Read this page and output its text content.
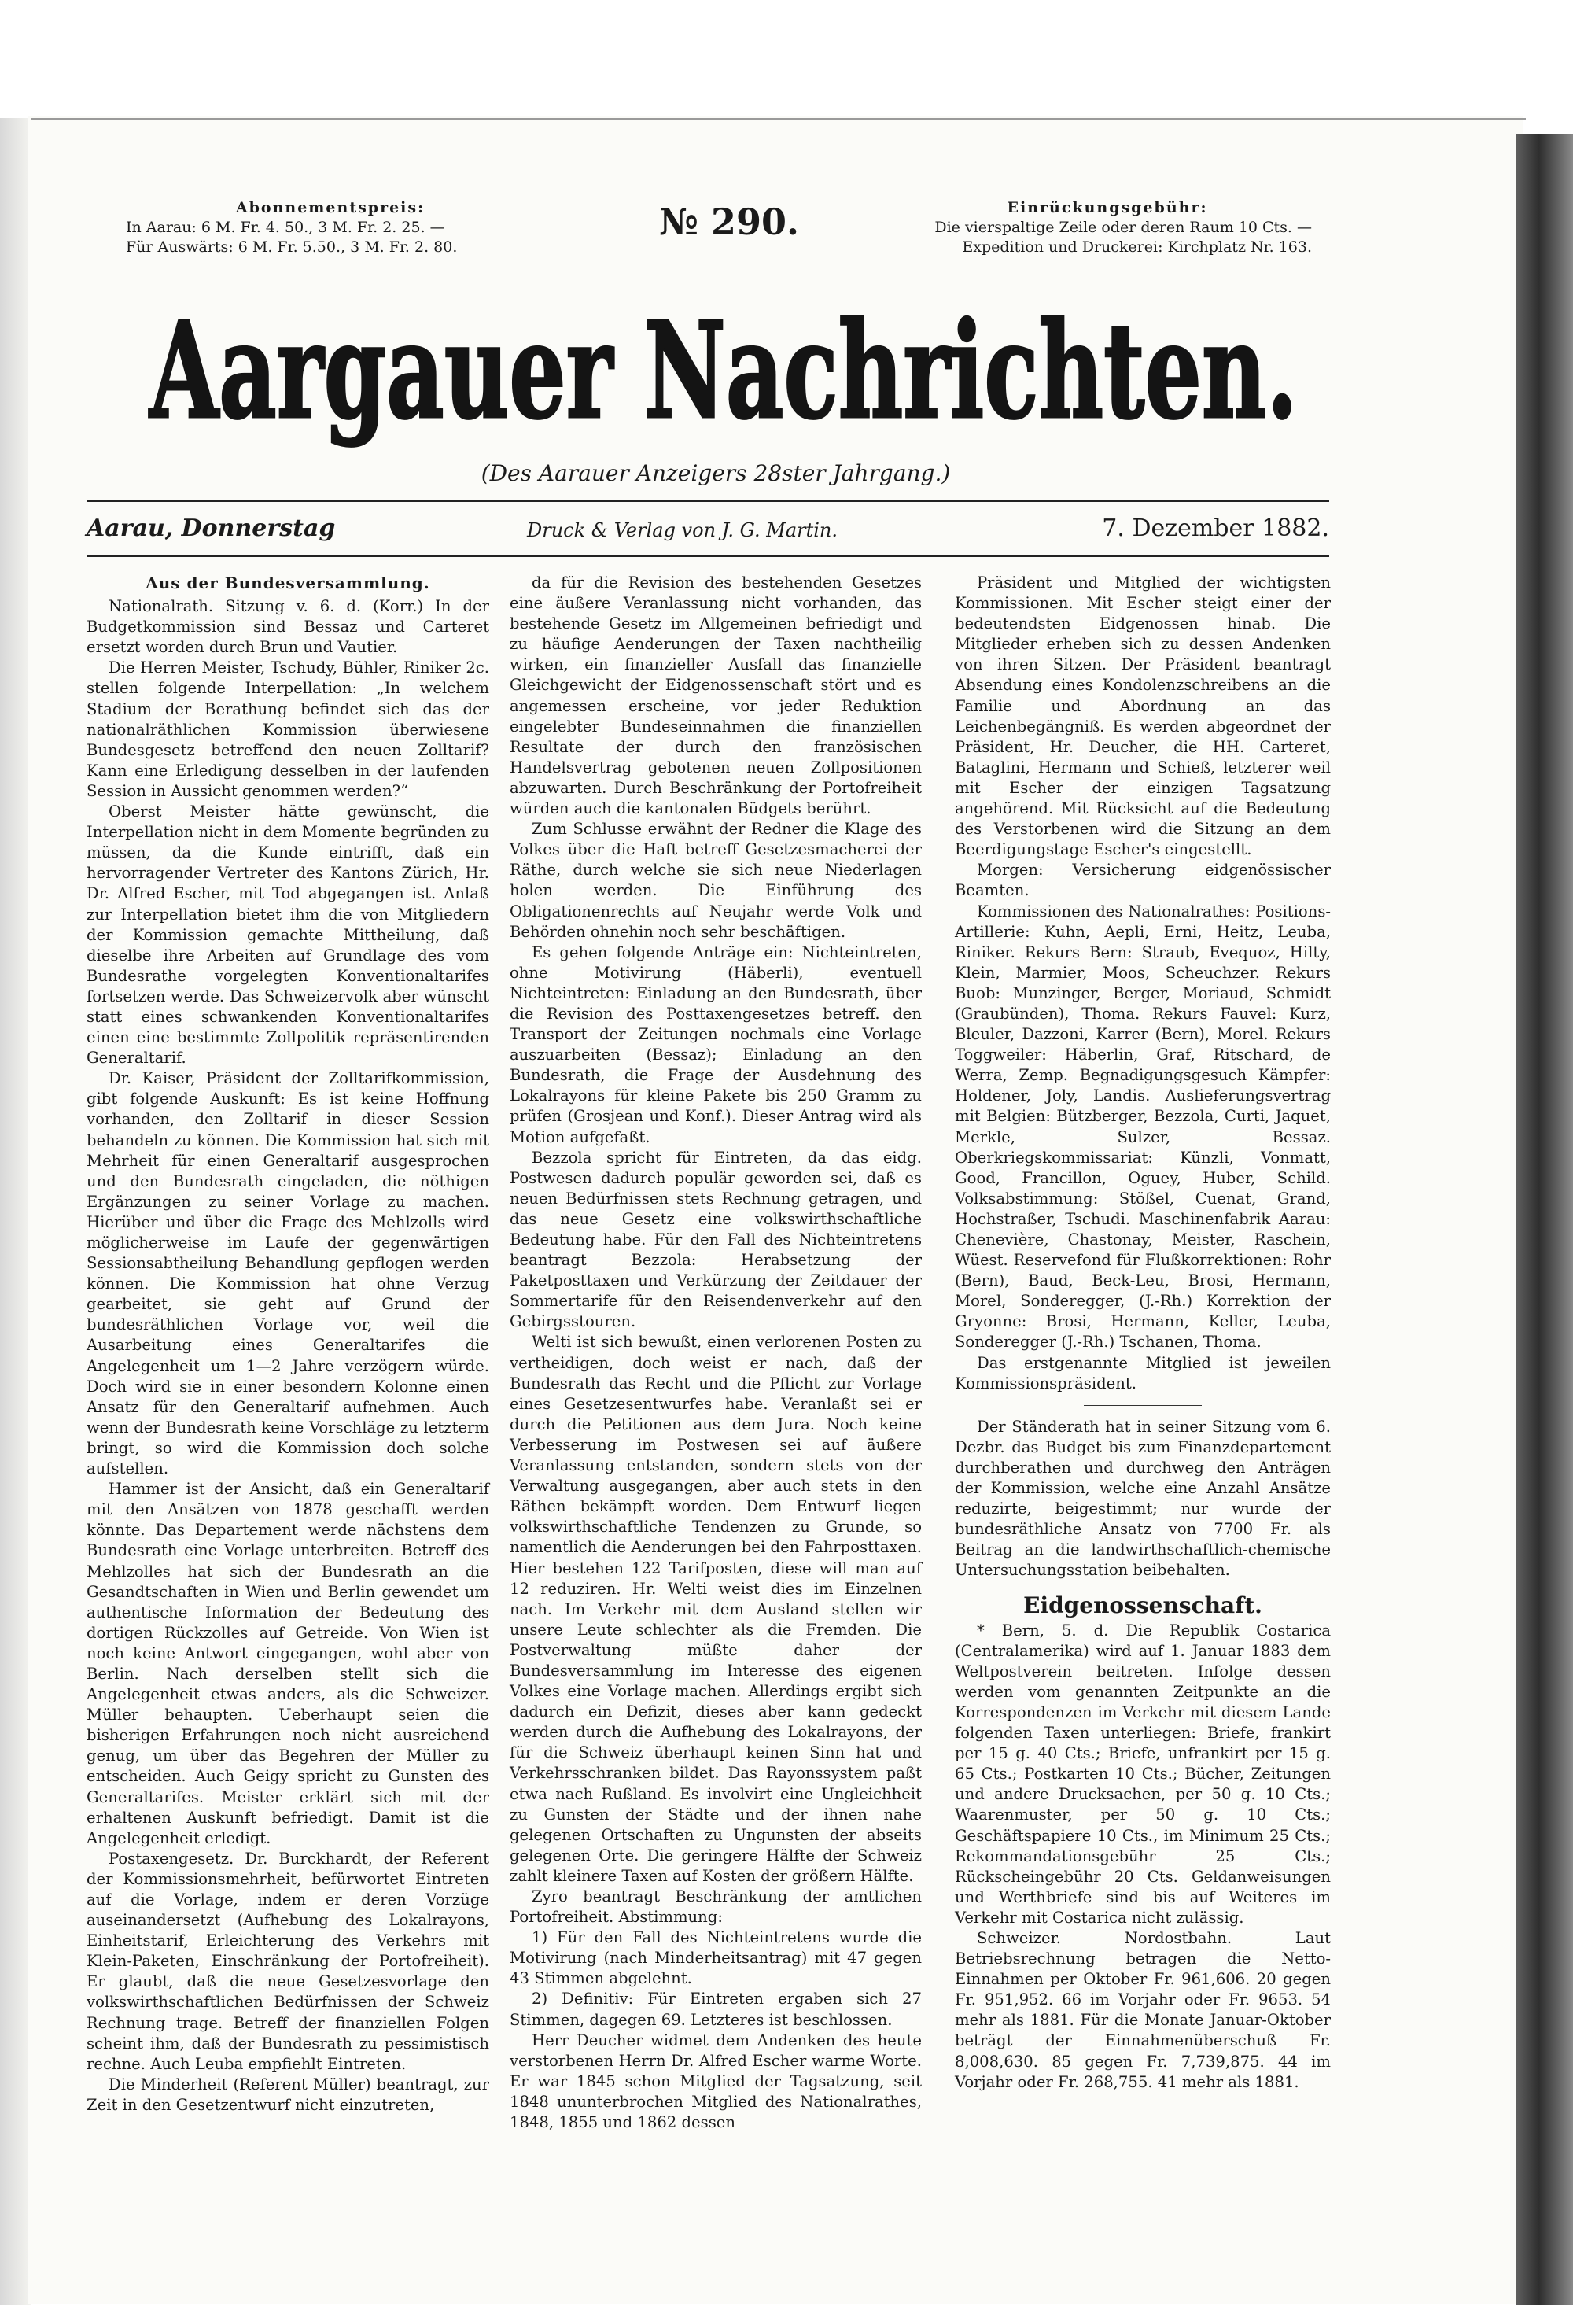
Abonnementspreis:
In Aarau: 6 M. Fr. 4. 50., 3 M. Fr. 2. 25. —
Für Auswärts: 6 M. Fr. 5.50., 3 M. Fr. 2. 80.
№ 290.	Einrückungsgebühr:
Die vierspaltige Zeile oder deren Raum 10 Cts. —
Expedition und Druckerei: Kirchplatz Nr. 163.
Aargauer Nachrichten.
(Des Aarauer Anzeigers 28ster Jahrgang.)
Aarau, Donnerstag	Druck & Verlag von J. G. Martin.	7. Dezember 1882.
Aus der Bundesversammlung.

Nationalrath. Sitzung v. 6. d. (Korr.) In der Budgetkommission sind Bessaz und Carteret ersetzt worden durch Brun und Vautier.

Die Herren Meister, Tschudy, Bühler, Riniker 2c. stellen folgende Interpellation: „In welchem Stadium der Berathung befindet sich das der nationalräthlichen Kommission überwiesene Bundesgesetz betreffend den neuen Zolltarif? Kann eine Erledigung desselben in der laufenden Session in Aussicht genommen werden?“

Oberst Meister hätte gewünscht, die Interpellation nicht in dem Momente begründen zu müssen, da die Kunde eintrifft, daß ein hervorragender Vertreter des Kantons Zürich, Hr. Dr. Alfred Escher, mit Tod abgegangen ist. Anlaß zur Interpellation bietet ihm die von Mitgliedern der Kommission gemachte Mittheilung, daß dieselbe ihre Arbeiten auf Grundlage des vom Bundesrathe vorgelegten Konventionaltarifes fortsetzen werde. Das Schweizervolk aber wünscht statt eines schwankenden Konventionaltarifes einen eine bestimmte Zollpolitik repräsentirenden Generaltarif.

Dr. Kaiser, Präsident der Zolltarifkommission, gibt folgende Auskunft: Es ist keine Hoffnung vorhanden, den Zolltarif in dieser Session behandeln zu können. Die Kommission hat sich mit Mehrheit für einen Generaltarif ausgesprochen und den Bundesrath eingeladen, die nöthigen Ergänzungen zu seiner Vorlage zu machen. Hierüber und über die Frage des Mehlzolls wird möglicherweise im Laufe der gegenwärtigen Sessionsabtheilung Behandlung gepflogen werden können. Die Kommission hat ohne Verzug gearbeitet, sie geht auf Grund der bundesräthlichen Vorlage vor, weil die Ausarbeitung eines Generaltarifes die Angelegenheit um 1—2 Jahre verzögern würde. Doch wird sie in einer besondern Kolonne einen Ansatz für den Generaltarif aufnehmen. Auch wenn der Bundesrath keine Vorschläge zu letzterm bringt, so wird die Kommission doch solche aufstellen.

Hammer ist der Ansicht, daß ein Generaltarif mit den Ansätzen von 1878 geschafft werden könnte. Das Departement werde nächstens dem Bundesrath eine Vorlage unterbreiten. Betreff des Mehlzolles hat sich der Bundesrath an die Gesandtschaften in Wien und Berlin gewendet um authentische Information der Bedeutung des dortigen Rückzolles auf Getreide. Von Wien ist noch keine Antwort eingegangen, wohl aber von Berlin. Nach derselben stellt sich die Angelegenheit etwas anders, als die Schweizer. Müller behaupten. Ueberhaupt seien die bisherigen Erfahrungen noch nicht ausreichend genug, um über das Begehren der Müller zu entscheiden. Auch Geigy spricht zu Gunsten des Generaltarifes. Meister erklärt sich mit der erhaltenen Auskunft befriedigt. Damit ist die Angelegenheit erledigt.

Postaxengesetz. Dr. Burckhardt, der Referent der Kommissionsmehrheit, befürwortet Eintreten auf die Vorlage, indem er deren Vorzüge auseinandersetzt (Aufhebung des Lokalrayons, Einheitstarif, Erleichterung des Verkehrs mit Klein-Paketen, Einschränkung der Portofreiheit). Er glaubt, daß die neue Gesetzesvorlage den volkswirthschaftlichen Bedürfnissen der Schweiz Rechnung trage. Betreff der finanziellen Folgen scheint ihm, daß der Bundesrath zu pessimistisch rechne. Auch Leuba empfiehlt Eintreten.

Die Minderheit (Referent Müller) beantragt, zur Zeit in den Gesetzentwurf nicht einzutreten,

da für die Revision des bestehenden Gesetzes eine äußere Veranlassung nicht vorhanden, das bestehende Gesetz im Allgemeinen befriedigt und zu häufige Aenderungen der Taxen nachtheilig wirken, ein finanzieller Ausfall das finanzielle Gleichgewicht der Eidgenossenschaft stört und es angemessen erscheine, vor jeder Reduktion eingelebter Bundeseinnahmen die finanziellen Resultate der durch den französischen Handelsvertrag gebotenen neuen Zollpositionen abzuwarten. Durch Beschränkung der Portofreiheit würden auch die kantonalen Büdgets berührt.

Zum Schlusse erwähnt der Redner die Klage des Volkes über die Haft betreff Gesetzesmacherei der Räthe, durch welche sie sich neue Niederlagen holen werden. Die Einführung des Obligationenrechts auf Neujahr werde Volk und Behörden ohnehin noch sehr beschäftigen.

Es gehen folgende Anträge ein: Nichteintreten, ohne Motivirung (Häberli), eventuell Nichteintreten: Einladung an den Bundesrath, über die Revision des Posttaxengesetzes betreff. den Transport der Zeitungen nochmals eine Vorlage auszuarbeiten (Bessaz); Einladung an den Bundesrath, die Frage der Ausdehnung des Lokalrayons für kleine Pakete bis 250 Gramm zu prüfen (Grosjean und Konf.). Dieser Antrag wird als Motion aufgefaßt.

Bezzola spricht für Eintreten, da das eidg. Postwesen dadurch populär geworden sei, daß es neuen Bedürfnissen stets Rechnung getragen, und das neue Gesetz eine volkswirthschaftliche Bedeutung habe. Für den Fall des Nichteintretens beantragt Bezzola: Herabsetzung der Paketposttaxen und Verkürzung der Zeitdauer der Sommertarife für den Reisendenverkehr auf den Gebirgsstouren.

Welti ist sich bewußt, einen verlorenen Posten zu vertheidigen, doch weist er nach, daß der Bundesrath das Recht und die Pflicht zur Vorlage eines Gesetzesentwurfes habe. Veranlaßt sei er durch die Petitionen aus dem Jura. Noch keine Verbesserung im Postwesen sei auf äußere Veranlassung entstanden, sondern stets von der Verwaltung ausgegangen, aber auch stets in den Räthen bekämpft worden. Dem Entwurf liegen volkswirthschaftliche Tendenzen zu Grunde, so namentlich die Aenderungen bei den Fahrposttaxen. Hier bestehen 122 Tarifposten, diese will man auf 12 reduziren. Hr. Welti weist dies im Einzelnen nach. Im Verkehr mit dem Ausland stellen wir unsere Leute schlechter als die Fremden. Die Postverwaltung müßte daher der Bundesversammlung im Interesse des eigenen Volkes eine Vorlage machen. Allerdings ergibt sich dadurch ein Defizit, dieses aber kann gedeckt werden durch die Aufhebung des Lokalrayons, der für die Schweiz überhaupt keinen Sinn hat und Verkehrsschranken bildet. Das Rayonssystem paßt etwa nach Rußland. Es involvirt eine Ungleichheit zu Gunsten der Städte und der ihnen nahe gelegenen Ortschaften zu Ungunsten der abseits gelegenen Orte. Die geringere Hälfte der Schweiz zahlt kleinere Taxen auf Kosten der größern Hälfte.

Zyro beantragt Beschränkung der amtlichen Portofreiheit. Abstimmung:

1) Für den Fall des Nichteintretens wurde die Motivirung (nach Minderheitsantrag) mit 47 gegen 43 Stimmen abgelehnt.

2) Definitiv: Für Eintreten ergaben sich 27 Stimmen, dagegen 69. Letzteres ist beschlossen.

Herr Deucher widmet dem Andenken des heute verstorbenen Herrn Dr. Alfred Escher warme Worte. Er war 1845 schon Mitglied der Tagsatzung, seit 1848 ununterbrochen Mitglied des Nationalrathes, 1848, 1855 und 1862 dessen

Präsident und Mitglied der wichtigsten Kommissionen. Mit Escher steigt einer der bedeutendsten Eidgenossen hinab. Die Mitglieder erheben sich zu dessen Andenken von ihren Sitzen. Der Präsident beantragt Absendung eines Kondolenzschreibens an die Familie und Abordnung an das Leichenbegängniß. Es werden abgeordnet der Präsident, Hr. Deucher, die HH. Carteret, Bataglini, Hermann und Schieß, letzterer weil mit Escher der einzigen Tagsatzung angehörend. Mit Rücksicht auf die Bedeutung des Verstorbenen wird die Sitzung an dem Beerdigungstage Escher's eingestellt.

Morgen: Versicherung eidgenössischer Beamten.

Kommissionen des Nationalrathes: Positions-Artillerie: Kuhn, Aepli, Erni, Heitz, Leuba, Riniker. Rekurs Bern: Straub, Evequoz, Hilty, Klein, Marmier, Moos, Scheuchzer. Rekurs Buob: Munzinger, Berger, Moriaud, Schmidt (Graubünden), Thoma. Rekurs Fauvel: Kurz, Bleuler, Dazzoni, Karrer (Bern), Morel. Rekurs Toggweiler: Häberlin, Graf, Ritschard, de Werra, Zemp. Begnadigungsgesuch Kämpfer: Holdener, Joly, Landis. Auslieferungsvertrag mit Belgien: Bützberger, Bezzola, Curti, Jaquet, Merkle, Sulzer, Bessaz. Oberkriegskommissariat: Künzli, Vonmatt, Good, Francillon, Oguey, Huber, Schild. Volksabstimmung: Stößel, Cuenat, Grand, Hochstraßer, Tschudi. Maschinenfabrik Aarau: Chenevière, Chastonay, Meister, Raschein, Wüest. Reservefond für Flußkorrektionen: Rohr (Bern), Baud, Beck-Leu, Brosi, Hermann, Morel, Sonderegger, (J.-Rh.) Korrektion der Gryonne: Brosi, Hermann, Keller, Leuba, Sonderegger (J.-Rh.) Tschanen, Thoma.

Das erstgenannte Mitglied ist jeweilen Kommissionspräsident.

Der Ständerath hat in seiner Sitzung vom 6. Dezbr. das Budget bis zum Finanzdepartement durchberathen und durchweg den Anträgen der Kommission, welche eine Anzahl Ansätze reduzirte, beigestimmt; nur wurde der bundesräthliche Ansatz von 7700 Fr. als Beitrag an die landwirthschaftlich-chemische Untersuchungsstation beibehalten.

Eidgenossenschaft.

* Bern, 5. d. Die Republik Costarica (Centralamerika) wird auf 1. Januar 1883 dem Weltpostverein beitreten. Infolge dessen werden vom genannten Zeitpunkte an die Korrespondenzen im Verkehr mit diesem Lande folgenden Taxen unterliegen: Briefe, frankirt per 15 g. 40 Cts.; Briefe, unfrankirt per 15 g. 65 Cts.; Postkarten 10 Cts.; Bücher, Zeitungen und andere Drucksachen, per 50 g. 10 Cts.; Waarenmuster, per 50 g. 10 Cts.; Geschäftspapiere 10 Cts., im Minimum 25 Cts.; Rekommandationsgebühr 25 Cts.; Rückscheingebühr 20 Cts. Geldanweisungen und Werthbriefe sind bis auf Weiteres im Verkehr mit Costarica nicht zulässig.

Schweizer. Nordostbahn. Laut Betriebsrechnung betragen die Netto-Einnahmen per Oktober Fr. 961,606. 20 gegen Fr. 951,952. 66 im Vorjahr oder Fr. 9653. 54 mehr als 1881. Für die Monate Januar-Oktober beträgt der Einnahmenüberschuß Fr. 8,008,630. 85 gegen Fr. 7,739,875. 44 im Vorjahr oder Fr. 268,755. 41 mehr als 1881.
